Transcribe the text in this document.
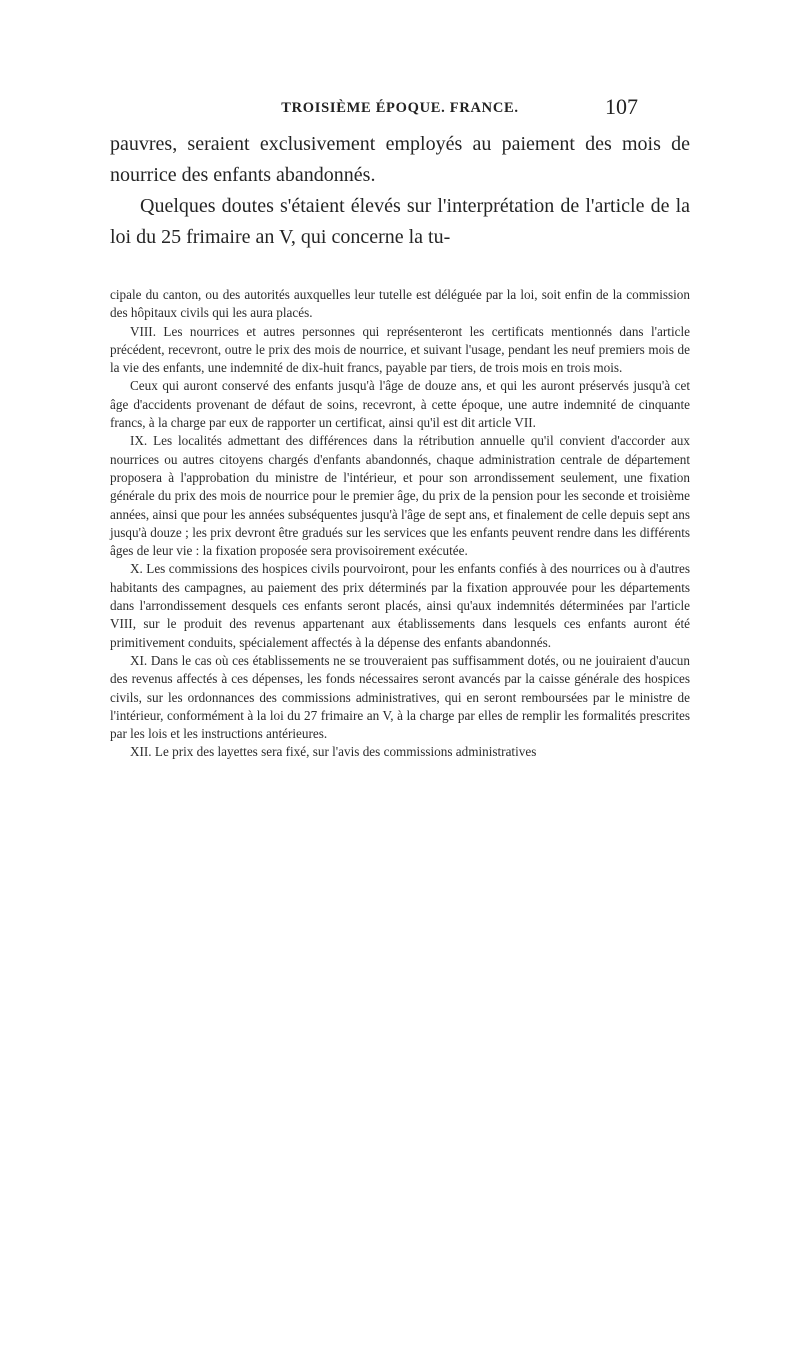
TROISIÈME ÉPOQUE. FRANCE.	107

pauvres, seraient exclusivement employés au paiement des mois de nourrice des enfants abandonnés.

Quelques doutes s'étaient élevés sur l'interprétation de l'article de la loi du 25 frimaire an V, qui concerne la tu-

cipale du canton, ou des autorités auxquelles leur tutelle est déléguée par la loi, soit enfin de la commission des hôpitaux civils qui les aura placés.

VIII. Les nourrices et autres personnes qui représenteront les certificats mentionnés dans l'article précédent, recevront, outre le prix des mois de nourrice, et suivant l'usage, pendant les neuf premiers mois de la vie des enfants, une indemnité de dix-huit francs, payable par tiers, de trois mois en trois mois.

Ceux qui auront conservé des enfants jusqu'à l'âge de douze ans, et qui les auront préservés jusqu'à cet âge d'accidents provenant de défaut de soins, recevront, à cette époque, une autre indemnité de cinquante francs, à la charge par eux de rapporter un certificat, ainsi qu'il est dit article VII.

IX. Les localités admettant des différences dans la rétribution annuelle qu'il convient d'accorder aux nourrices ou autres citoyens chargés d'enfants abandonnés, chaque administration centrale de département proposera à l'approbation du ministre de l'intérieur, et pour son arrondissement seulement, une fixation générale du prix des mois de nourrice pour le premier âge, du prix de la pension pour les seconde et troisième années, ainsi que pour les années subséquentes jusqu'à l'âge de sept ans, et finalement de celle depuis sept ans jusqu'à douze ; les prix devront être gradués sur les services que les enfants peuvent rendre dans les différents âges de leur vie : la fixation proposée sera provisoirement exécutée.

X. Les commissions des hospices civils pourvoiront, pour les enfants confiés à des nourrices ou à d'autres habitants des campagnes, au paiement des prix déterminés par la fixation approuvée pour les départements dans l'arrondissement desquels ces enfants seront placés, ainsi qu'aux indemnités déterminées par l'article VIII, sur le produit des revenus appartenant aux établissements dans lesquels ces enfants auront été primitivement conduits, spécialement affectés à la dépense des enfants abandonnés.

XI. Dans le cas où ces établissements ne se trouveraient pas suffisamment dotés, ou ne jouiraient d'aucun des revenus affectés à ces dépenses, les fonds nécessaires seront avancés par la caisse générale des hospices civils, sur les ordonnances des commissions administratives, qui en seront remboursées par le ministre de l'intérieur, conformément à la loi du 27 frimaire an V, à la charge par elles de remplir les formalités prescrites par les lois et les instructions antérieures.

XII. Le prix des layettes sera fixé, sur l'avis des commissions administratives
